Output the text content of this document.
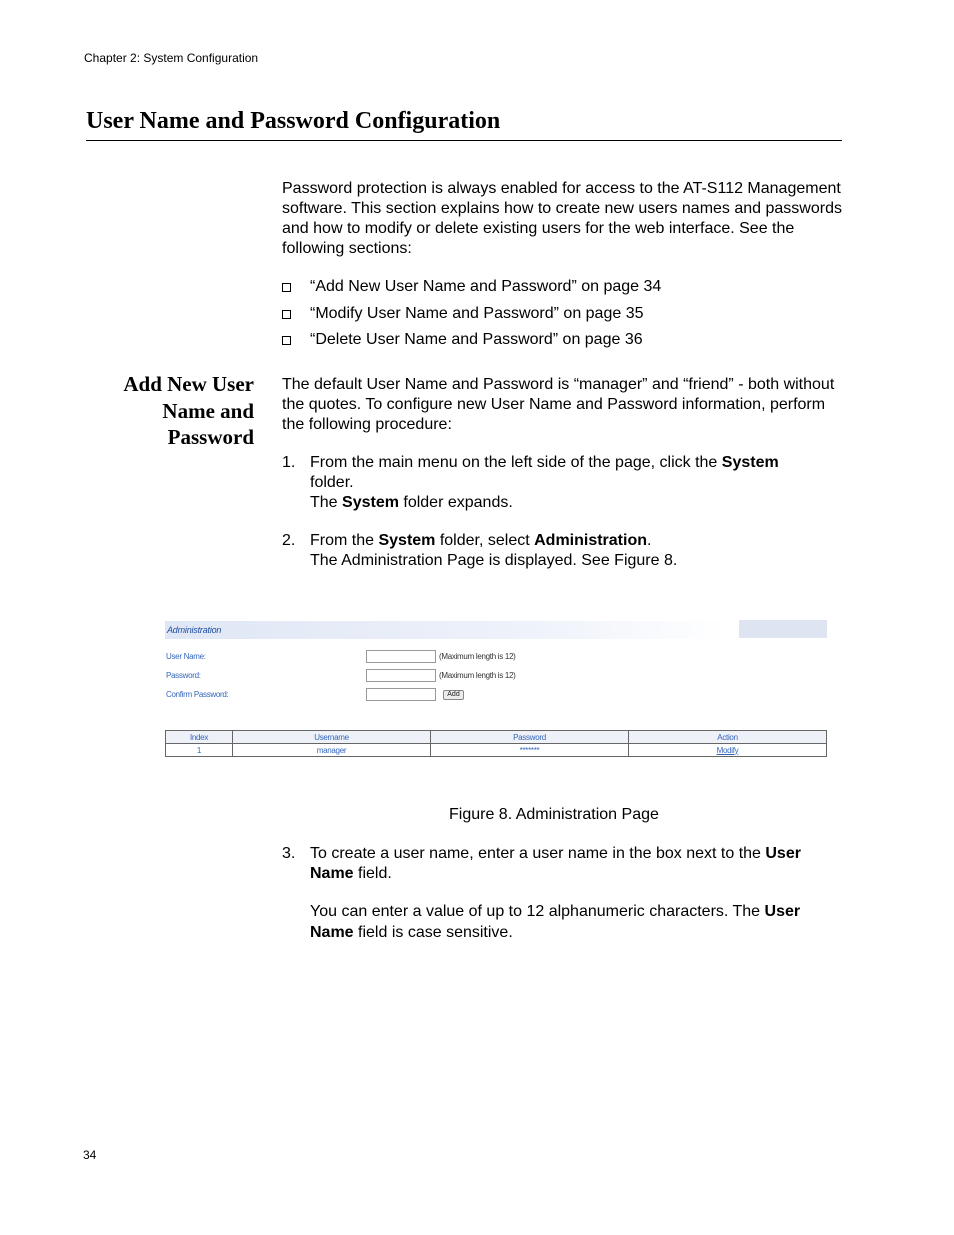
Chapter 2: System Configuration
User Name and Password Configuration

Password protection is always enabled for access to the AT-S112 Management software. This section explains how to create new users names and passwords and how to modify or delete existing users for the web interface. See the following sections:

“Add New User Name and Password” on page 34
“Modify User Name and Password” on page 35
“Delete User Name and Password” on page 36
Add New User
Name and
Password

The default User Name and Password is “manager” and “friend” - both without the quotes. To configure new User Name and Password information, perform the following procedure:

1. From the main menu on the left side of the page, click the System
folder.
The System folder expands.
2. From the System folder, select Administration.
The Administration Page is displayed. See Figure 8.
Administration
User Name:	(Maximum length is 12)
Password:	(Maximum length is 12)
Confirm Password:	Add
Index	Username	Password	Action
1	manager	*******	Modify
Figure 8. Administration Page
3. To create a user name, enter a user name in the box next to the User Name field.

You can enter a value of up to 12 alphanumeric characters. The User Name field is case sensitive.

34
